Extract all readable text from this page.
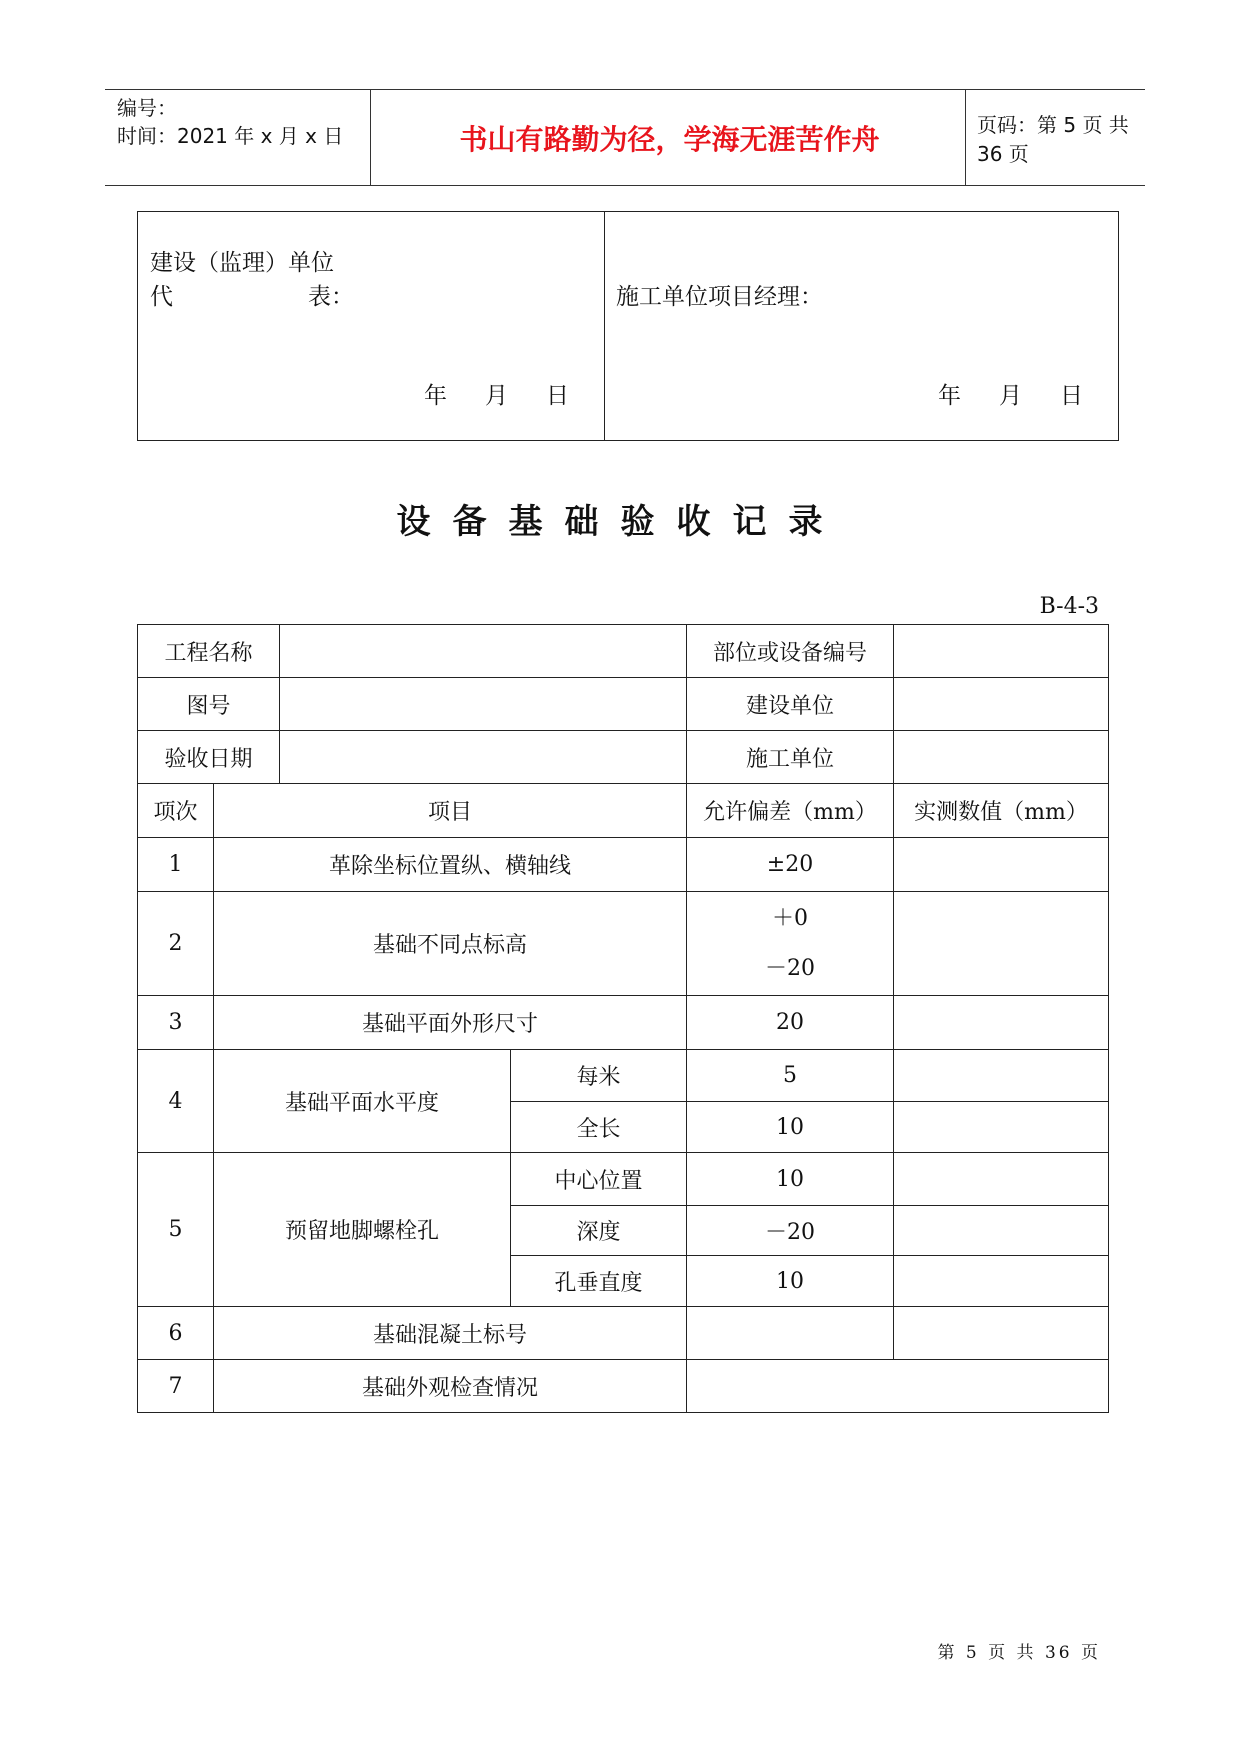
编号：
时间：2021 年 x 月 x 日	书山有路勤为径，学海无涯苦作舟	页码：第 5 页 共 36 页
建设（监理）单位
代	表：
年 月 日
施工单位项目经理：
年 月 日
设备基础验收记录
B-4-3
工程名称				部位或设备编号	
图号				建设单位	
验收日期				施工单位	
项次	项目			允许偏差（mm）	实测数值（mm）
1	革除坐标位置纵、横轴线			±20	
2	基础不同点标高			＋0
－20	

3	基础平面外形尺寸			20	
4	基础平面水平度		每米	5	
			全长	10	
5	预留地脚螺栓孔		中心位置	10	
			深度	－20	
			孔垂直度	10	
6	基础混凝土标号				
7	基础外观检查情况				
第 5 页 共 36 页
